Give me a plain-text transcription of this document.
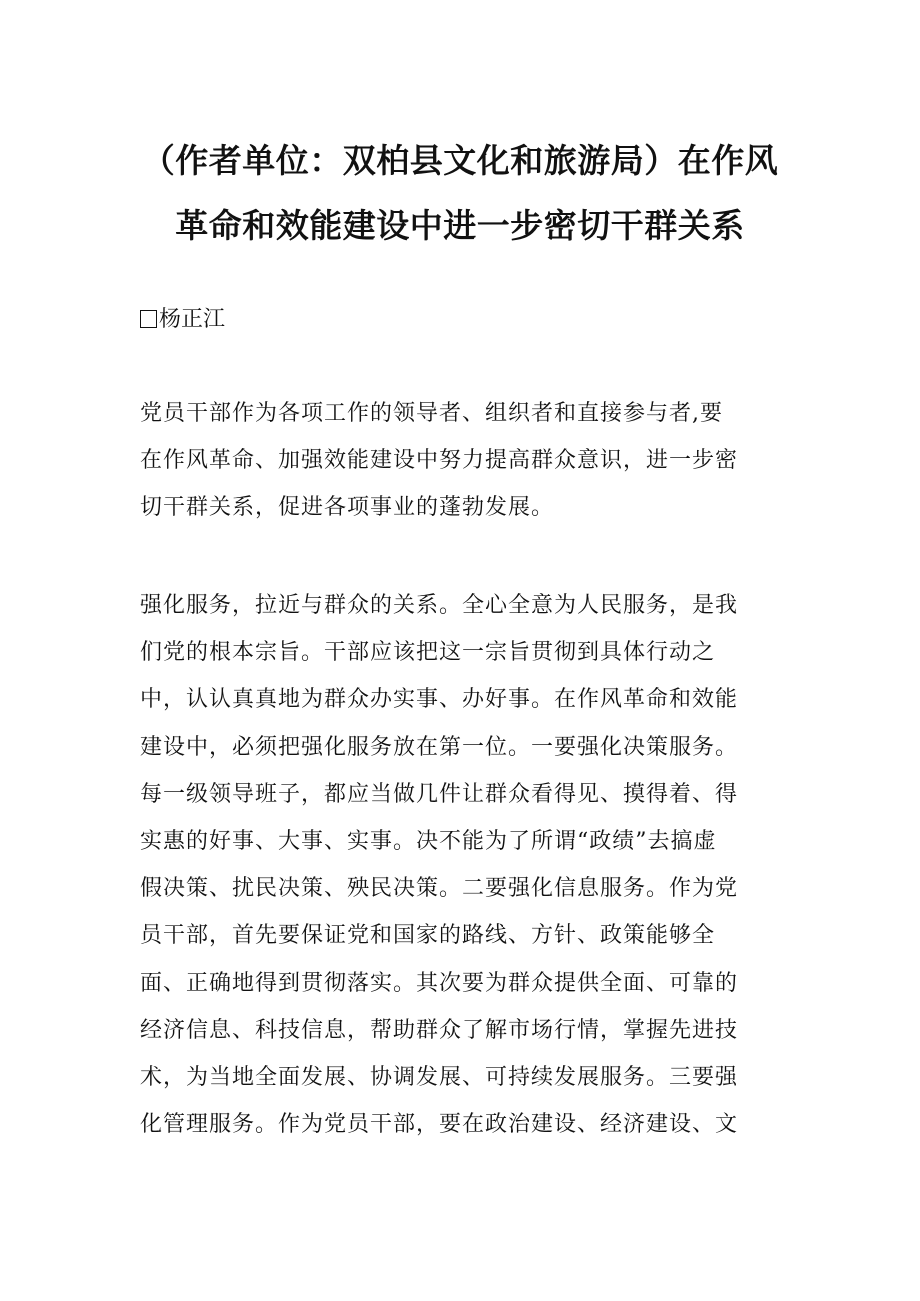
（作者单位：双柏县文化和旅游局）在作风
革命和效能建设中进一步密切干群关系
杨正江
党员干部作为各项工作的领导者、组织者和直接参与者,要
在作风革命、加强效能建设中努力提高群众意识，进一步密
切干群关系，促进各项事业的蓬勃发展。
强化服务，拉近与群众的关系。全心全意为人民服务，是我
们党的根本宗旨。干部应该把这一宗旨贯彻到具体行动之
中，认认真真地为群众办实事、办好事。在作风革命和效能
建设中，必须把强化服务放在第一位。一要强化决策服务。
每一级领导班子，都应当做几件让群众看得见、摸得着、得
实惠的好事、大事、实事。决不能为了所谓“政绩”去搞虚
假决策、扰民决策、殃民决策。二要强化信息服务。作为党
员干部，首先要保证党和国家的路线、方针、政策能够全
面、正确地得到贯彻落实。其次要为群众提供全面、可靠的
经济信息、科技信息，帮助群众了解市场行情，掌握先进技
术，为当地全面发展、协调发展、可持续发展服务。三要强
化管理服务。作为党员干部，要在政治建设、经济建设、文
